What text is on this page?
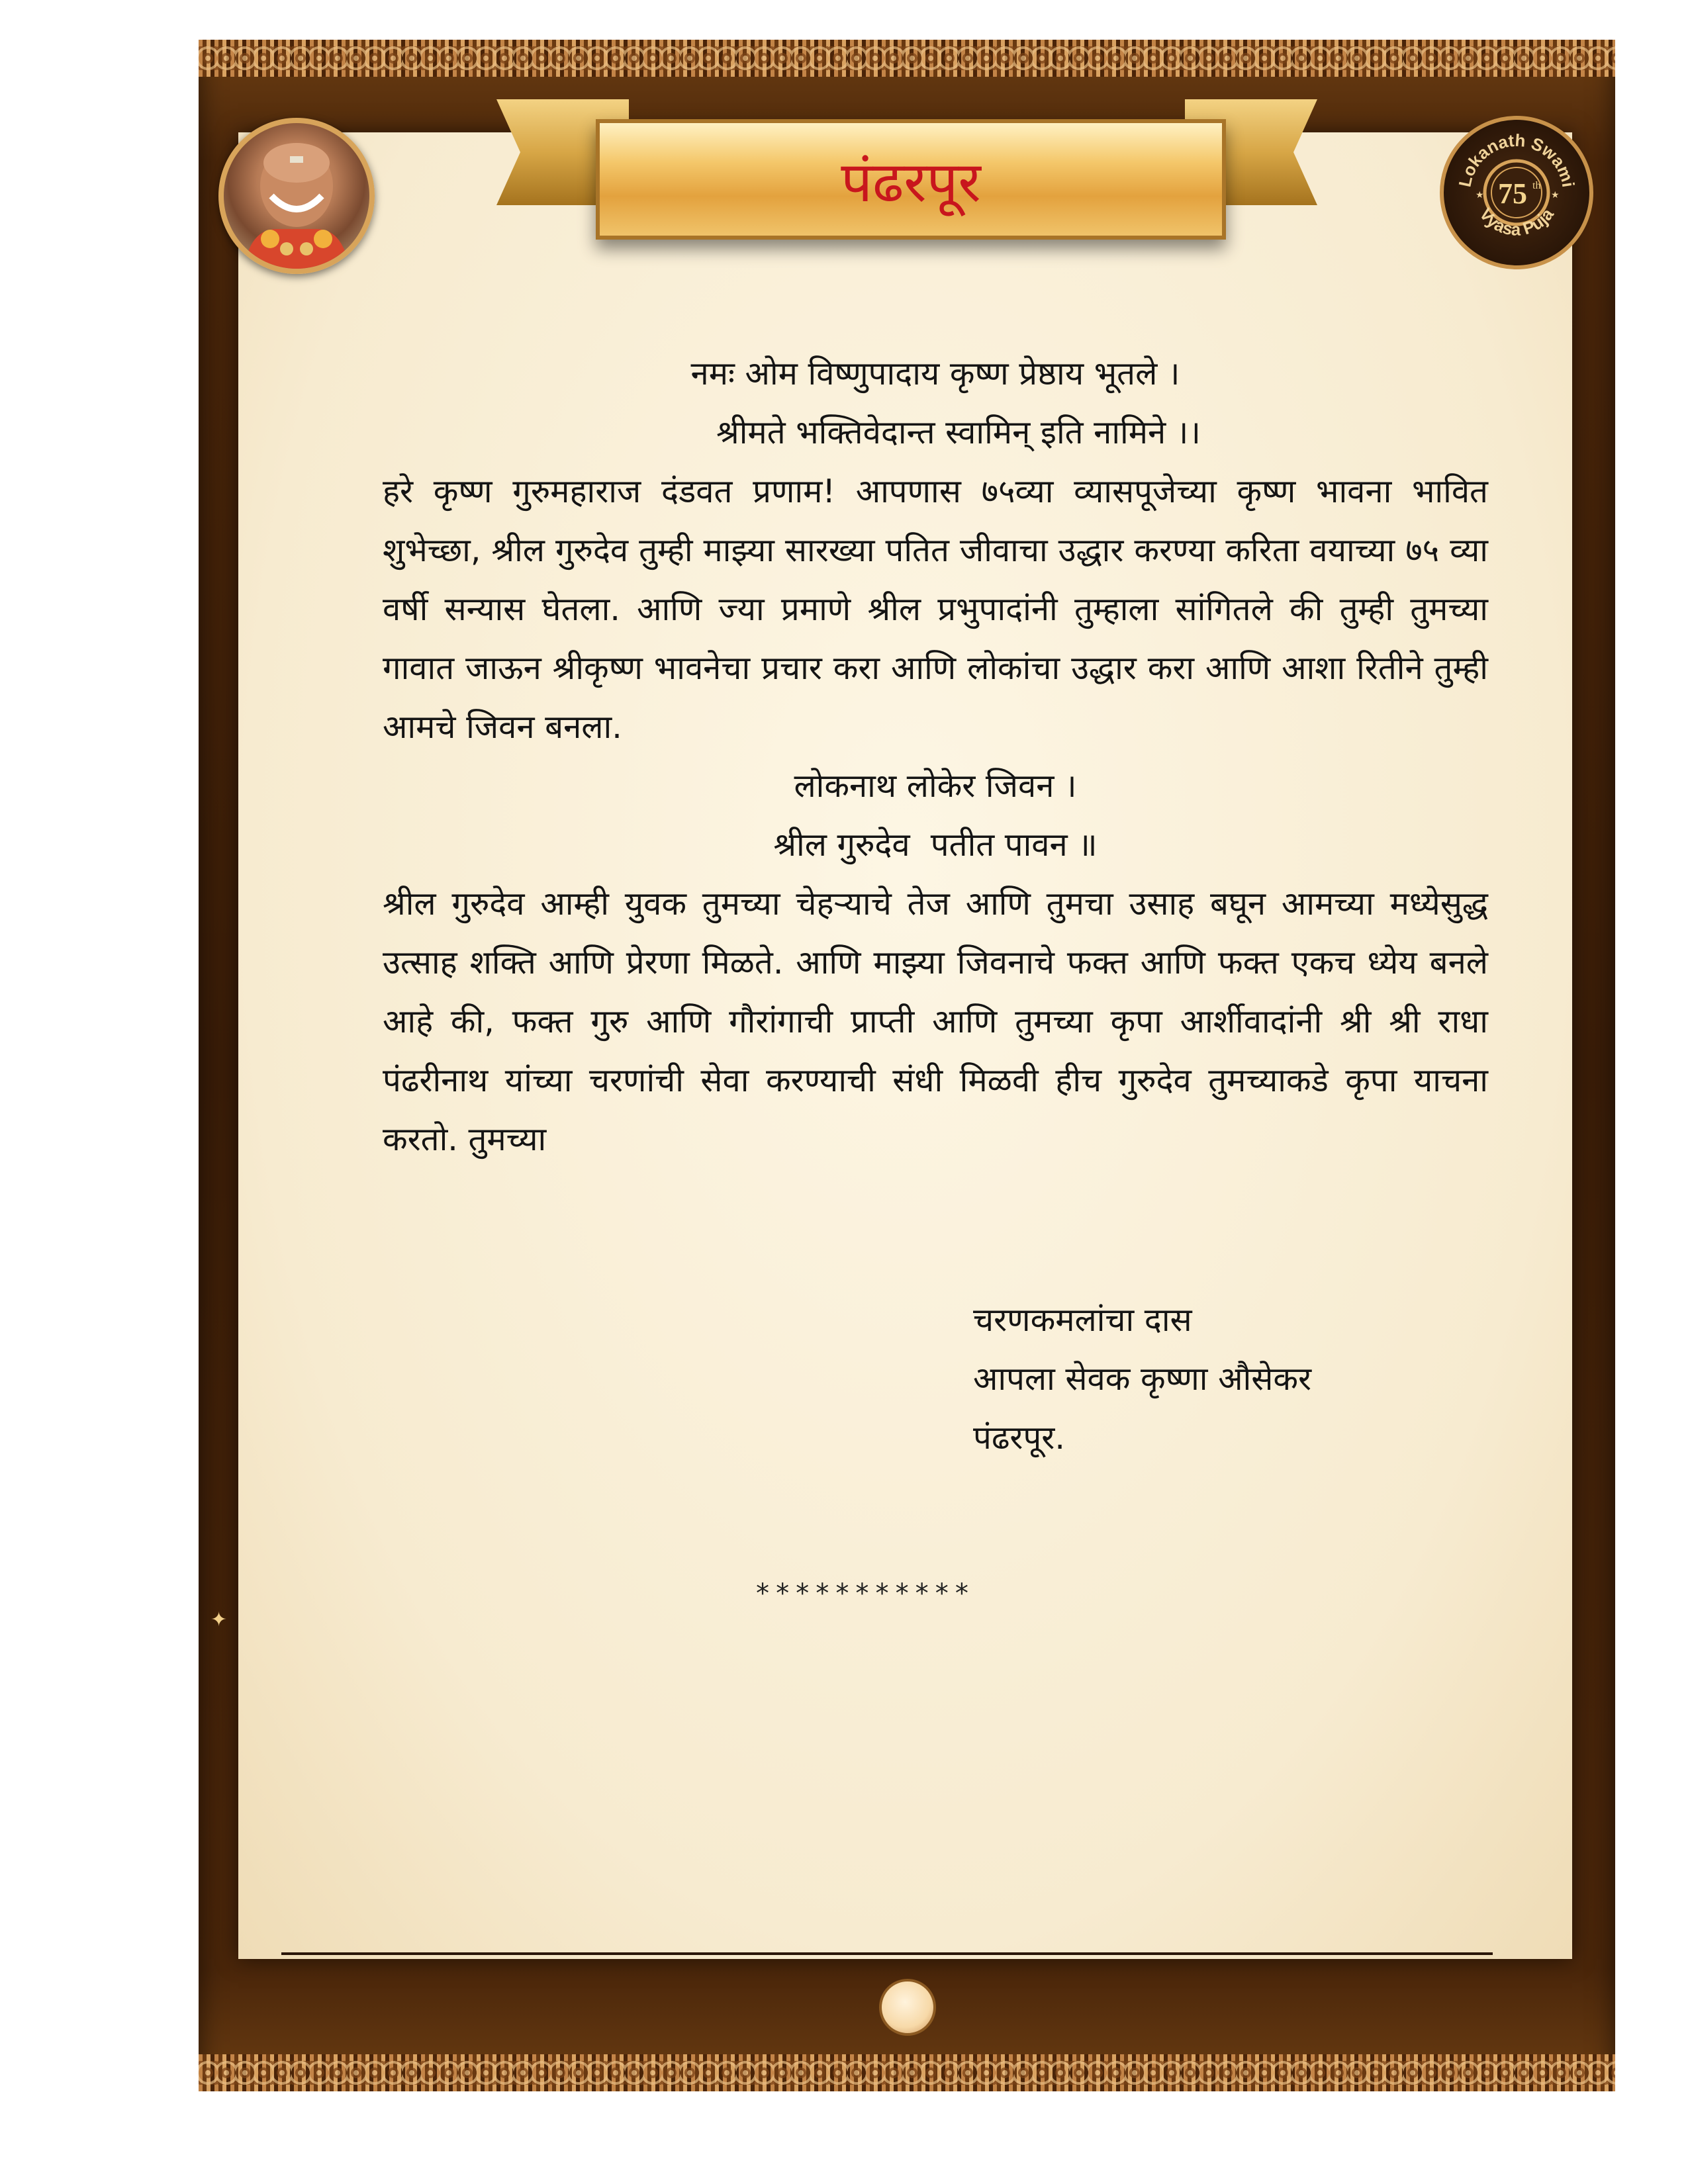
पंढरपूर	Lokanath Swami
Vyasa Puja
75 th
★	★
नमः ओम विष्णुपादाय कृष्ण प्रेष्ठाय भूतले ।
श्रीमते भक्तिवेदान्त स्वामिन् इति नामिने ।।
हरे कृष्ण गुरुमहाराज दंडवत प्रणाम! आपणास ७५व्या व्यासपूजेच्या कृष्ण भावना भावित शुभेच्छा, श्रील गुरुदेव तुम्ही माझ्या सारख्या पतित जीवाचा उद्धार करण्या करिता वयाच्या ७५ व्या वर्षी सन्यास घेतला. आणि ज्या प्रमाणे श्रील प्रभुपादांनी तुम्हाला सांगितले की तुम्ही तुमच्या गावात जाऊन श्रीकृष्ण भावनेचा प्रचार करा आणि लोकांचा उद्धार करा आणि आशा रितीने तुम्ही आमचे जिवन बनला.
लोकनाथ लोकेर जिवन ।
श्रील गुरुदेव  पतीत पावन ॥
श्रील गुरुदेव आम्ही युवक तुमच्या चेहऱ्याचे तेज आणि तुमचा उसाह बघून आमच्या मध्येसुद्ध उत्साह शक्ति आणि प्रेरणा मिळते. आणि माझ्या जिवनाचे फक्त आणि फक्त एकच ध्येय बनले आहे की, फक्त गुरु आणि गौरांगाची प्राप्ती आणि तुमच्या कृपा आर्शीवादांनी श्री श्री राधा पंढरीनाथ यांच्या चरणांची सेवा करण्याची संधी मिळवी हीच गुरुदेव तुमच्याकडे कृपा याचना करतो. तुमच्या
चरणकमलांचा दास
आपला सेवक कृष्णा औसेकर
पंढरपूर.
***********
✦
